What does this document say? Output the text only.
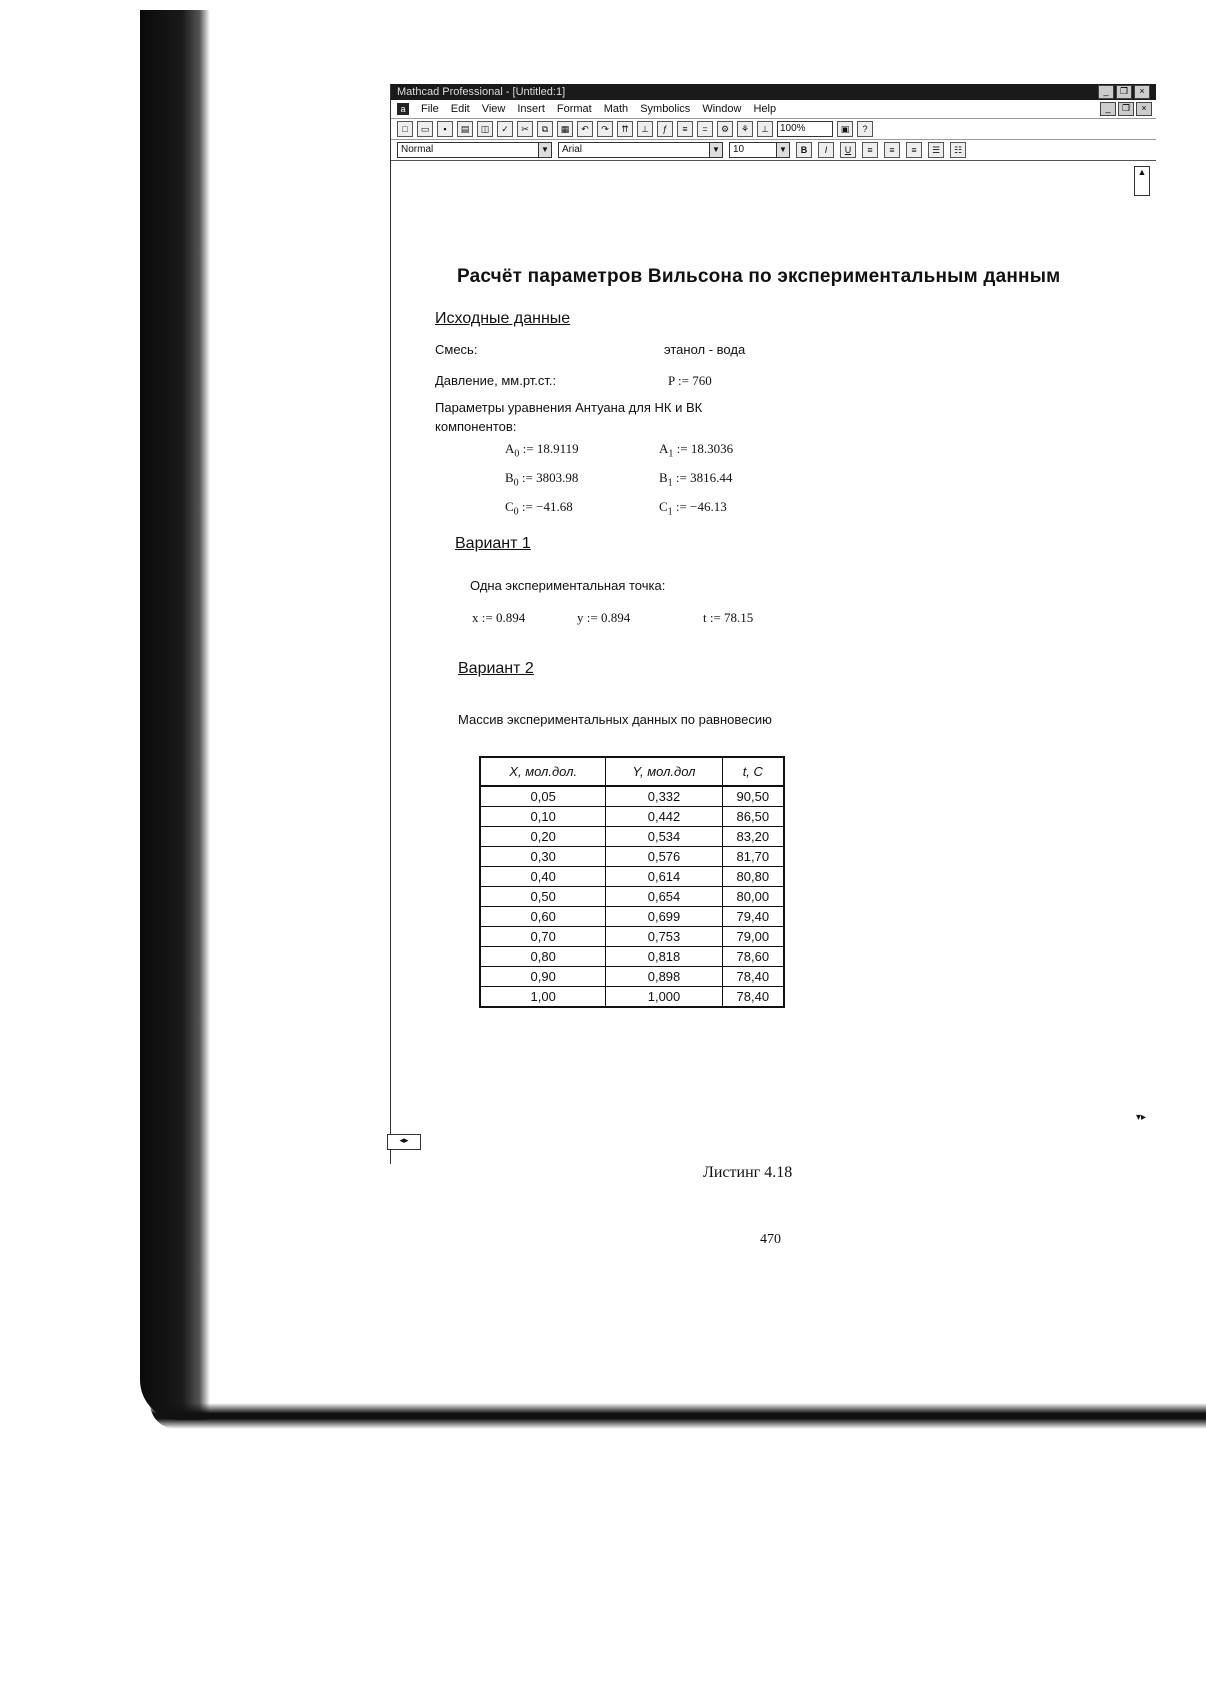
Mathcad Professional - [Untitled:1]	_	❐	×
a	File Edit View Insert Format Math Symbolics Window Help	_	❐	×
□	▭	▪	▤	◫	✓	✂	⧉	▦	↶	↷	⇈	⊥	ƒ	≡	=	⚙	⚘	⊥	100%	▣	?
Normal	▼	Arial	▼	10	▼	B	I	U	≡	≡	≡	☰	☷
▲
▾▸
◂▸
Расчёт параметров Вильсона по экспериментальным данным
Исходные данные
Смесь:	этанол - вода
Давление, мм.рт.ст.:	P := 760
Параметры уравнения Антуана для НК и ВК
компонентов:
$A_0$ := 18.9119	$A_1$ := 18.3036
$B_0$ := 3803.98	$B_1$ := 3816.44
$C_0$ := −41.68	$C_1$ := −46.13
Вариант 1
Одна экспериментальная точка:
x := 0.894	y := 0.894	t := 78.15
Вариант 2
Массив экспериментальных данных по равновесию
X, мол.дол.	Y, мол.дол	t, C
0,05	0,332	90,50
0,10	0,442	86,50
0,20	0,534	83,20
0,30	0,576	81,70
0,40	0,614	80,80
0,50	0,654	80,00
0,60	0,699	79,40
0,70	0,753	79,00
0,80	0,818	78,60
0,90	0,898	78,40
1,00	1,000	78,40
Листинг 4.18
470
